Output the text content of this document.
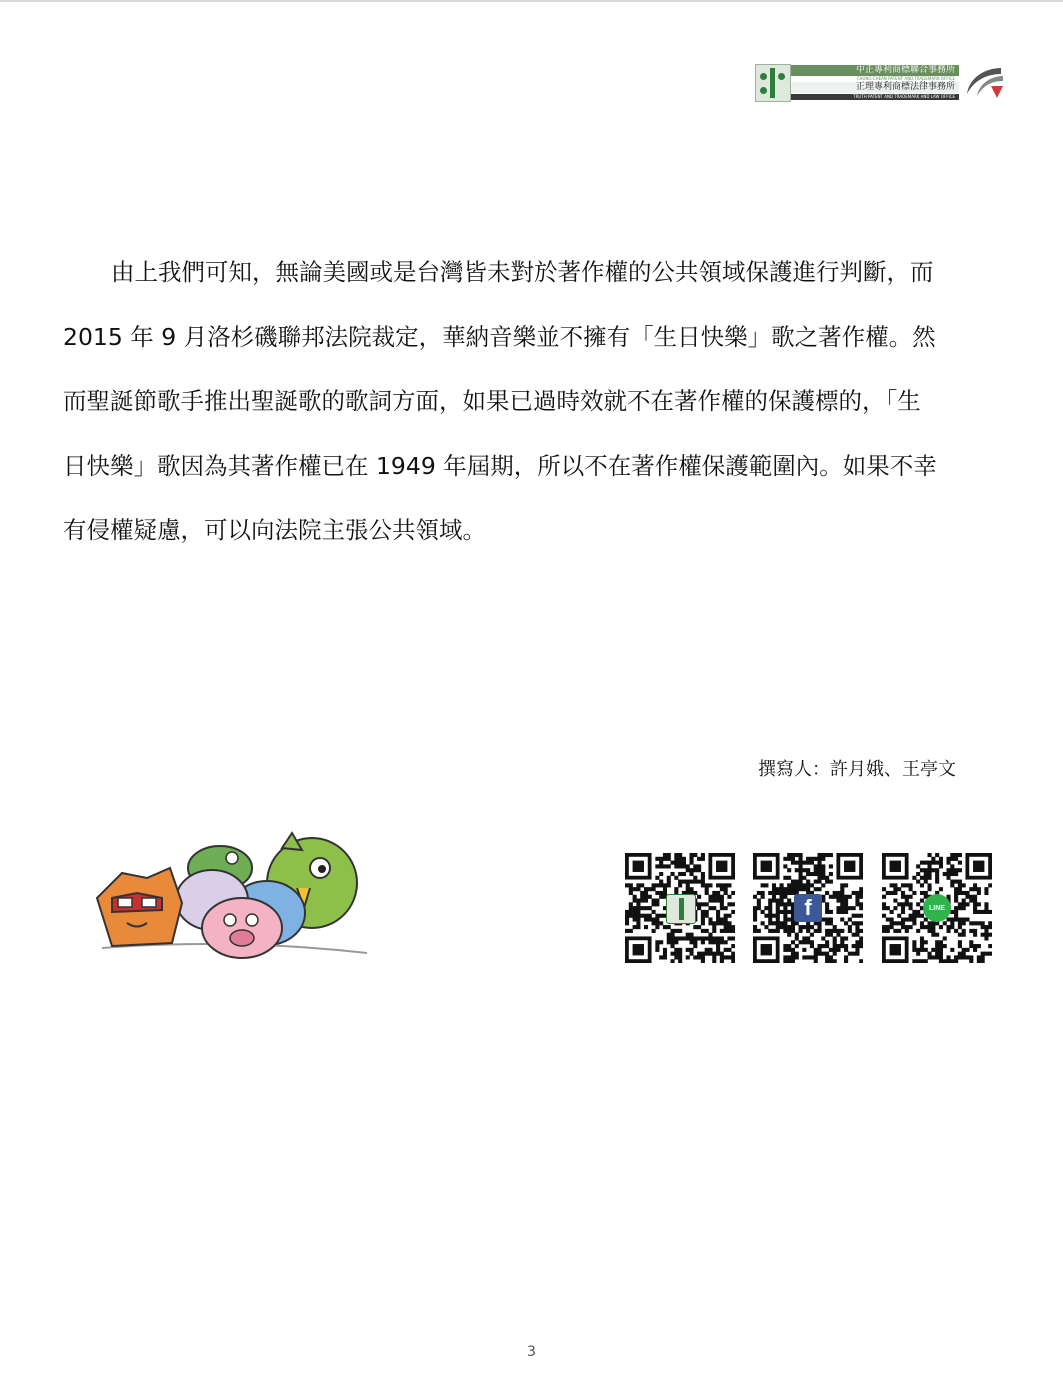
中正專利商標聯合事務所
CHUNG CHEAN PATENT AND TRADEMARK OFFICE
正理專利商標法律事務所
TRUTH PATENT AND TRADEMARK AND LAW OFFICE

由上我們可知，無論美國或是台灣皆未對於著作權的公共領域保護進行判斷，而
2015 年 9 月洛杉磯聯邦法院裁定，華納音樂並不擁有「生日快樂」歌之著作權。然
而聖誕節歌手推出聖誕歌的歌詞方面，如果已過時效就不在著作權的保護標的，「生
日快樂」歌因為其著作權已在 1949 年屆期，所以不在著作權保護範圍內。如果不幸
有侵權疑慮，可以向法院主張公共領域。

撰寫人：許月娥、王亭文
f	LINE
3
